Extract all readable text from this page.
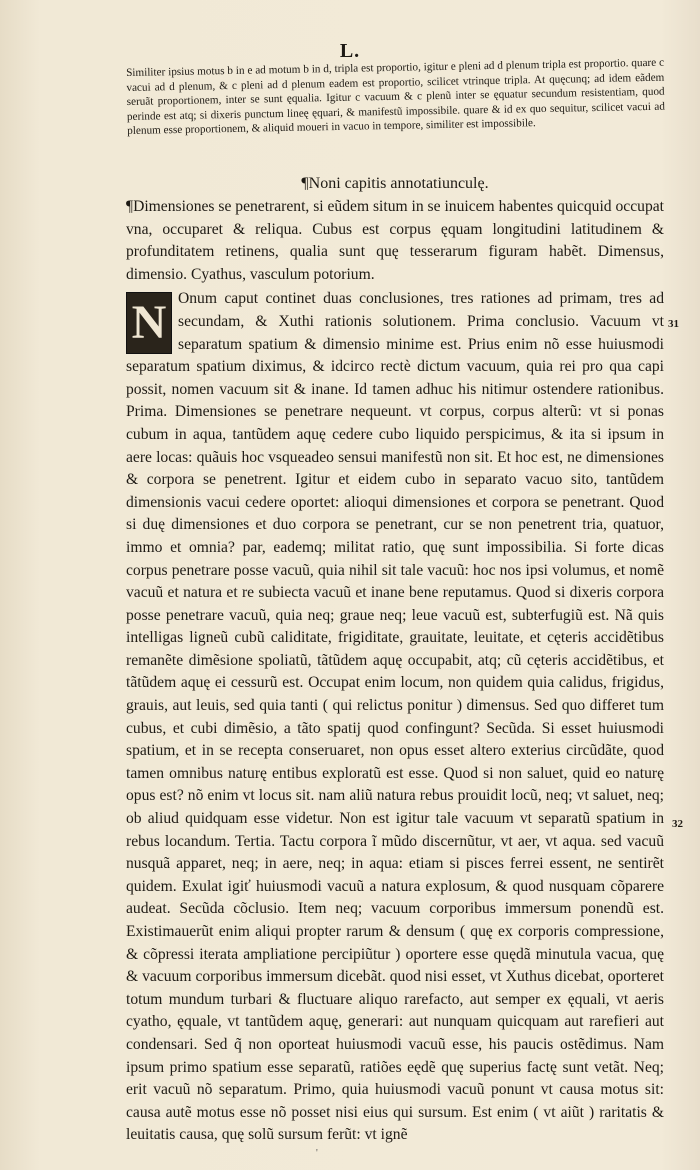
L.

Similiter ipsius motus b in e ad motum b in d, tripla est proportio, igitur e pleni ad d plenum tripla est proportio. quare c vacui ad d plenum, & c pleni ad d plenum eadem est proportio, scilicet vtrinque tripla. At quęcunq; ad idem eãdem seruãt proportionem, inter se sunt ęqualia. Igitur c vacuum & c plenũ inter se ęquatur secundum resistentiam, quod perinde est atq; si dixeris punctum lineę ęquari, & manifestũ impossibile. quare & id ex quo sequitur, scilicet vacui ad plenum esse proportionem, & aliquid moueri in vacuo in tempore, similiter est impossibile.

¶Noni capitis annotatiunculę.

¶Dimensiones se penetrarent, si eũdem situm in se inuicem habentes quicquid occupat vna, occuparet & reliqua. Cubus est corpus ęquam longitudini latitudinem & profunditatem retinens, qualia sunt quę tesserarum figuram habẽt. Dimensus, dimensio. Cyathus, vasculum potorium.

N Onum caput continet duas conclusiones, tres rationes ad primam, tres ad secundam, & Xuthi rationis solutionem. Prima conclusio. Vacuum vt separatum spatium & dimensio minime est. Prius enim nõ esse huiusmodi separatum spatium diximus, & idcirco rectè dictum vacuum, quia rei pro qua capi possit, nomen vacuum sit & inane. Id tamen adhuc his nitimur ostendere rationibus. Prima. Dimensiones se penetrare nequeunt. vt corpus, corpus alterũ: vt si ponas cubum in aqua, tantũdem aquę cedere cubo liquido perspicimus, & ita si ipsum in aere locas: quãuis hoc vsqueadeo sensui manifestũ non sit. Et hoc est, ne dimensiones & corpora se penetrent. Igitur et eidem cubo in separato vacuo sito, tantũdem dimensionis vacui cedere oportet: alioqui dimensiones et corpora se penetrant. Quod si duę dimensiones et duo corpora se penetrant, cur se non penetrent tria, quatuor, immo et omnia? par, eademq; militat ratio, quę sunt impossibilia. Si forte dicas corpus penetrare posse vacuũ, quia nihil sit tale vacuũ: hoc nos ipsi volumus, et nomẽ vacuũ et natura et re subiecta vacuũ et inane bene reputamus. Quod si dixeris corpora posse penetrare vacuũ, quia neq; graue neq; leue vacuũ est, subterfugiũ est. Nã quis intelligas ligneũ cubũ caliditate, frigiditate, grauitate, leuitate, et cęteris accidẽtibus remanẽte dimẽsione spoliatũ, tãtũdem aquę occupabit, atq; cũ cęteris accidẽtibus, et tãtũdem aquę ei cessurũ est. Occupat enim locum, non quidem quia calidus, frigidus, grauis, aut leuis, sed quia tanti ( qui relictus ponitur ) dimensus. Sed quo differet tum cubus, et cubi dimẽsio, a tãto spatij quod confingunt? Secũda. Si esset huiusmodi spatium, et in se recepta conseruaret, non opus esset altero exterius circũdãte, quod tamen omnibus naturę entibus exploratũ est esse. Quod si non saluet, quid eo naturę opus est? nõ enim vt locus sit. nam aliũ natura rebus prouidit locũ, neq; vt saluet, neq; ob aliud quidquam esse videtur. Non est igitur tale vacuum vt separatũ spatium in rebus locandum. Tertia. Tactu corpora ĩ mũdo discernũtur, vt aer, vt aqua. sed vacuũ nusquã apparet, neq; in aere, neq; in aqua: etiam si pisces ferrei essent, ne sentirẽt quidem. Exulat igiť huiusmodi vacuũ a natura explosum, & quod nusquam cõparere audeat. Secũda cõclusio. Item neq; vacuum corporibus immersum ponendũ est. Existimauerũt enim aliqui propter rarum & densum ( quę ex corporis compressione, & cõpressi iterata ampliatione percipiũtur ) oportere esse quędã minutula vacua, quę & vacuum corporibus immersum dicebãt. quod nisi esset, vt Xuthus dicebat, oporteret totum mundum turbari & fluctuare aliquo rarefacto, aut semper ex ęquali, vt aeris cyatho, ęquale, vt tantũdem aquę, generari: aut nunquam quicquam aut rarefieri aut condensari. Sed q̃ non oporteat huiusmodi vacuũ esse, his paucis ostẽdimus. Nam ipsum primo spatium esse separatũ, ratiões eędẽ quę superius factę sunt vetãt. Neq; erit vacuũ nõ separatum. Primo, quia huiusmodi vacuũ ponunt vt causa motus sit: causa autẽ motus esse nõ posset nisi eius qui sursum. Est enim ( vt aiũt ) raritatis & leuitatis causa, quę solũ sursum ferũt: vt ignẽ

31
32
'
